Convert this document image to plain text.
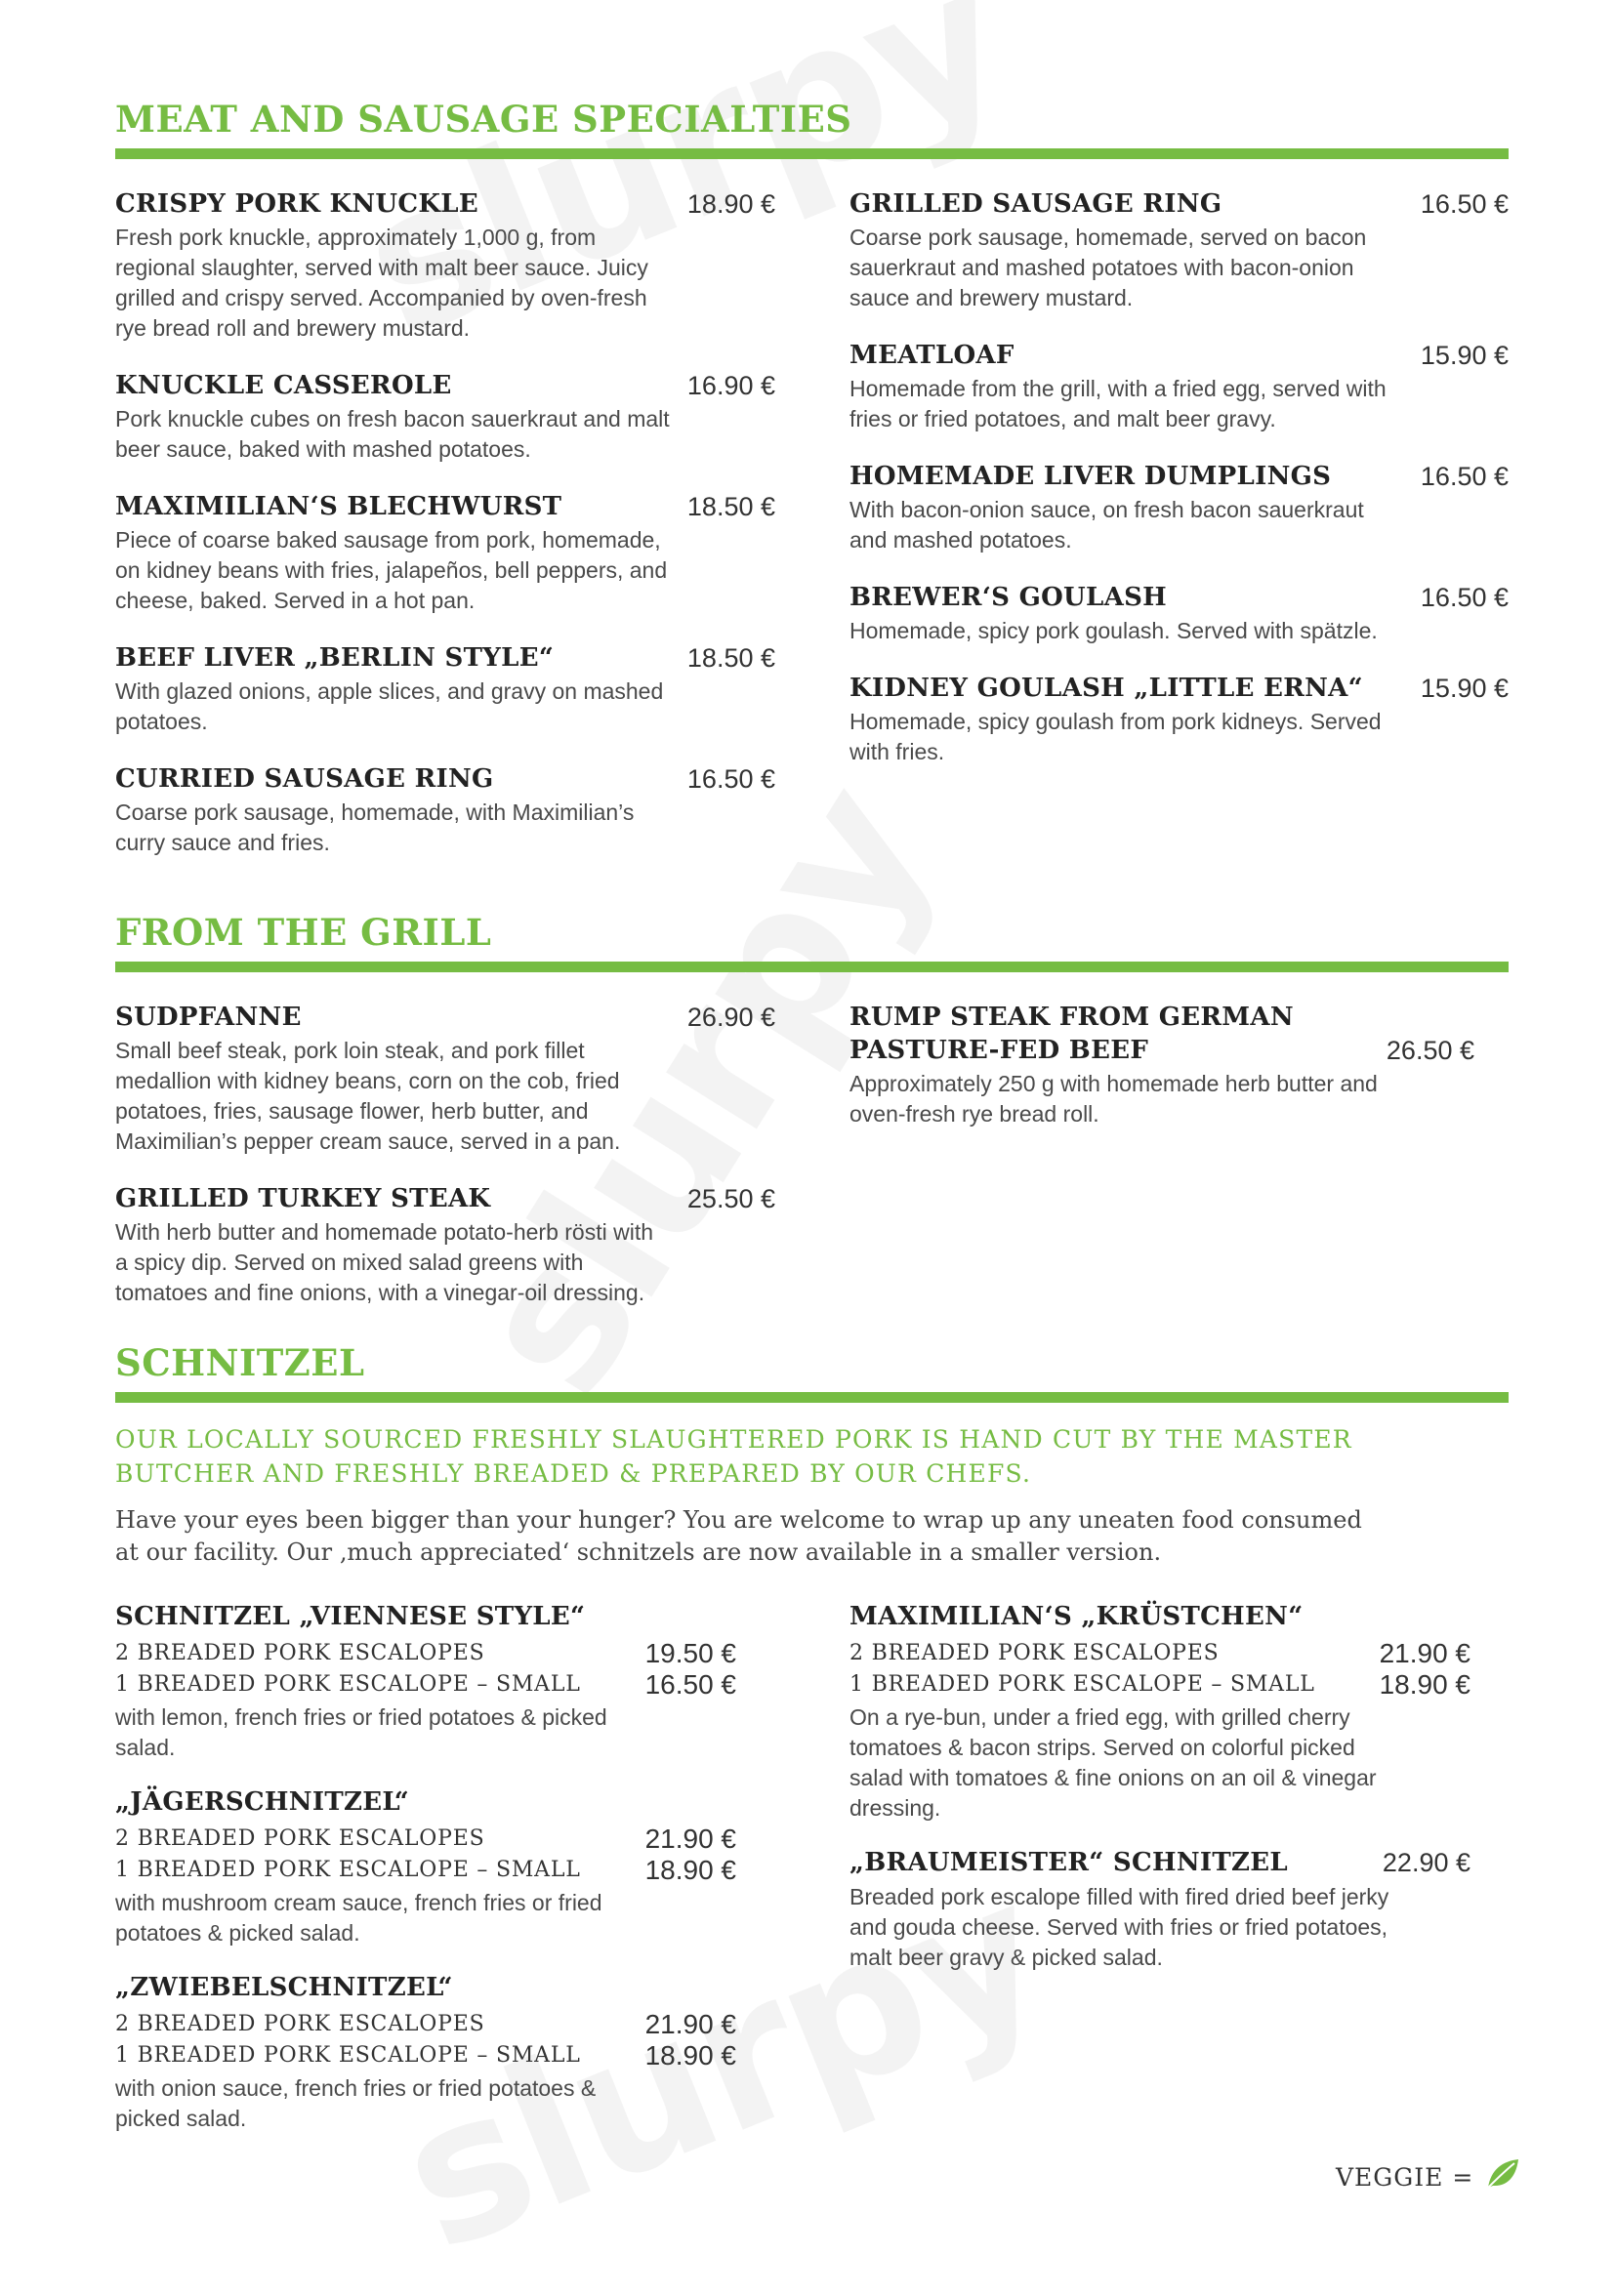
MEAT AND SAUSAGE SPECIALTIES
CRISPY PORK KNUCKLE	18.90 €
Fresh pork knuckle, approximately 1,000 g, from regional slaughter, served with malt beer sauce. Juicy grilled and crispy served. Accompanied by oven-fresh rye bread roll and brewery mustard.
KNUCKLE CASSEROLE	16.90 €
Pork knuckle cubes on fresh bacon sauerkraut and malt beer sauce, baked with mashed potatoes.
MAXIMILIAN‘S BLECHWURST	18.50 €
Piece of coarse baked sausage from pork, homemade, on kidney beans with fries, jalapeños, bell peppers, and cheese, baked. Served in a hot pan.
BEEF LIVER „BERLIN STYLE“	18.50 €
With glazed onions, apple slices, and gravy on mashed potatoes.
CURRIED SAUSAGE RING	16.50 €
Coarse pork sausage, homemade, with Maximilian’s curry sauce and fries.
GRILLED SAUSAGE RING	16.50 €
Coarse pork sausage, homemade, served on bacon sauerkraut and mashed potatoes with bacon-onion sauce and brewery mustard.
MEATLOAF	15.90 €
Homemade from the grill, with a fried egg, served with fries or fried potatoes, and malt beer gravy.
HOMEMADE LIVER DUMPLINGS	16.50 €
With bacon-onion sauce, on fresh bacon sauerkraut and mashed potatoes.
BREWER‘S GOULASH	16.50 €
Homemade, spicy pork goulash. Served with spätzle.
KIDNEY GOULASH „LITTLE ERNA“	15.90 €
Homemade, spicy goulash from pork kidneys. Served with fries.
FROM THE GRILL
SUDPFANNE	26.90 €
Small beef steak, pork loin steak, and pork fillet medallion with kidney beans, corn on the cob, fried potatoes, fries, sausage flower, herb butter, and Maximilian’s pepper cream sauce, served in a pan.
GRILLED TURKEY STEAK	25.50 €
With herb butter and homemade potato-herb rösti with a spicy dip. Served on mixed salad greens with tomatoes and fine onions, with a vinegar-oil dressing.
RUMP STEAK FROM GERMAN
PASTURE-FED BEEF	26.50 €
Approximately 250 g with homemade herb butter and oven-fresh rye bread roll.
SCHNITZEL
OUR LOCALLY SOURCED FRESHLY SLAUGHTERED PORK IS HAND CUT BY THE MASTER BUTCHER AND FRESHLY BREADED & PREPARED BY OUR CHEFS.
Have your eyes been bigger than your hunger? You are welcome to wrap up any uneaten food consumed at our facility. Our ‚much appreciated‘ schnitzels are now available in a smaller version.
SCHNITZEL „VIENNESE STYLE“
2 BREADED PORK ESCALOPES	19.50 €
1 BREADED PORK ESCALOPE – SMALL 16.50 €
with lemon, french fries or fried potatoes & picked salad.
„JÄGERSCHNITZEL“
2 BREADED PORK ESCALOPES	21.90 €
1 BREADED PORK ESCALOPE – SMALL 18.90 €
with mushroom cream sauce, french fries or fried potatoes & picked salad.
„ZWIEBELSCHNITZEL“
2 BREADED PORK ESCALOPES	21.90 €
1 BREADED PORK ESCALOPE – SMALL 18.90 €
with onion sauce, french fries or fried potatoes & picked salad.
MAXIMILIAN‘S „KRÜSTCHEN“
2 BREADED PORK ESCALOPES	21.90 €
1 BREADED PORK ESCALOPE – SMALL 18.90 €
On a rye-bun, under a fried egg, with grilled cherry tomatoes & bacon strips. Served on colorful picked salad with tomatoes & fine onions on an oil & vinegar dressing.
„BRAUMEISTER“ SCHNITZEL	22.90 €
Breaded pork escalope filled with fired dried beef jerky and gouda cheese. Served with fries or fried potatoes, malt beer gravy & picked salad.
VEGGIE =
